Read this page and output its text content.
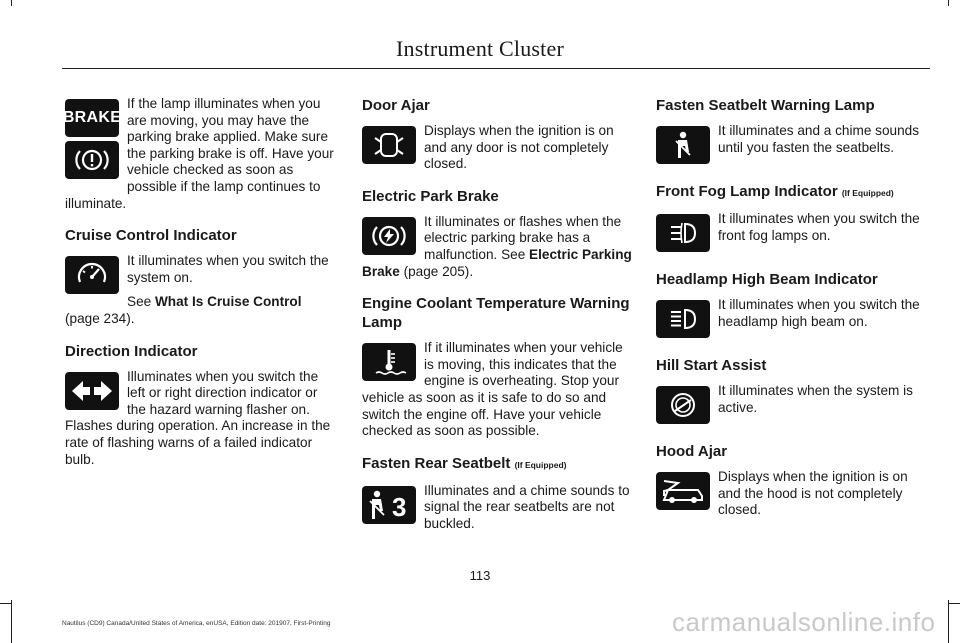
Instrument Cluster
BRAKE

If the lamp illuminates when you are moving, you may have the parking brake applied. Make sure the parking brake is off. Have your vehicle checked as soon as possible if the lamp continues to illuminate.

Cruise Control Indicator

It illuminates when you switch the system on.

See What Is Cruise Control (page 234).

Direction Indicator

Illuminates when you switch the left or right direction indicator or the hazard warning flasher on. Flashes during operation. An increase in the rate of flashing warns of a failed indicator bulb.

Door Ajar

Displays when the ignition is on and any door is not completely closed.

Electric Park Brake

It illuminates or flashes when the electric parking brake has a malfunction. See Electric Parking Brake (page 205).

Engine Coolant Temperature Warning Lamp

If it illuminates when your vehicle is moving, this indicates that the engine is overheating. Stop your vehicle as soon as it is safe to do so and switch the engine off. Have your vehicle checked as soon as possible.

Fasten Rear Seatbelt (If Equipped)
3

Illuminates and a chime sounds to signal the rear seatbelts are not buckled.

Fasten Seatbelt Warning Lamp

It illuminates and a chime sounds until you fasten the seatbelts.

Front Fog Lamp Indicator (If Equipped)

It illuminates when you switch the front fog lamps on.

Headlamp High Beam Indicator

It illuminates when you switch the headlamp high beam on.

Hill Start Assist

It illuminates when the system is active.

Hood Ajar

Displays when the ignition is on and the hood is not completely closed.

113
Nautilus (CD9) Canada/United States of America, enUSA, Edition date: 201907, First-Printing	carmanualsonline.info
